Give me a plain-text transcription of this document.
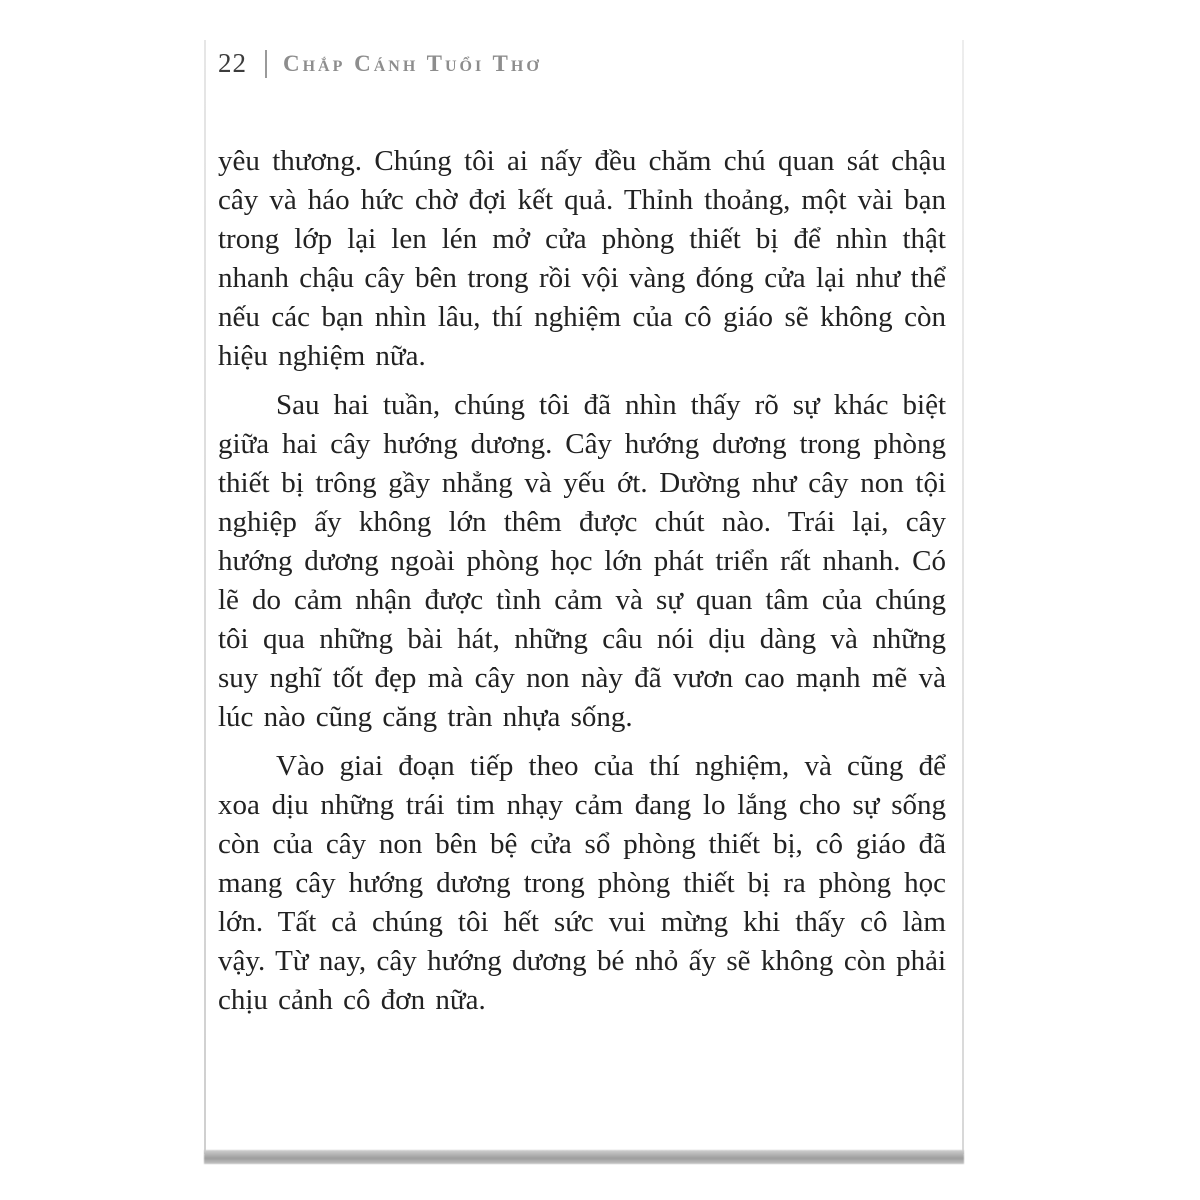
22 Chắp Cánh Tuổi Thơ

yêu thương. Chúng tôi ai nấy đều chăm chú quan sát chậu cây và háo hức chờ đợi kết quả. Thỉnh thoảng, một vài bạn trong lớp lại len lén mở cửa phòng thiết bị để nhìn thật nhanh chậu cây bên trong rồi vội vàng đóng cửa lại như thể nếu các bạn nhìn lâu, thí nghiệm của cô giáo sẽ không còn hiệu nghiệm nữa.

Sau hai tuần, chúng tôi đã nhìn thấy rõ sự khác biệt giữa hai cây hướng dương. Cây hướng dương trong phòng thiết bị trông gầy nhẳng và yếu ớt. Dường như cây non tội nghiệp ấy không lớn thêm được chút nào. Trái lại, cây hướng dương ngoài phòng học lớn phát triển rất nhanh. Có lẽ do cảm nhận được tình cảm và sự quan tâm của chúng tôi qua những bài hát, những câu nói dịu dàng và những suy nghĩ tốt đẹp mà cây non này đã vươn cao mạnh mẽ và lúc nào cũng căng tràn nhựa sống.

Vào giai đoạn tiếp theo của thí nghiệm, và cũng để xoa dịu những trái tim nhạy cảm đang lo lắng cho sự sống còn của cây non bên bệ cửa sổ phòng thiết bị, cô giáo đã mang cây hướng dương trong phòng thiết bị ra phòng học lớn. Tất cả chúng tôi hết sức vui mừng khi thấy cô làm vậy. Từ nay, cây hướng dương bé nhỏ ấy sẽ không còn phải chịu cảnh cô đơn nữa.
